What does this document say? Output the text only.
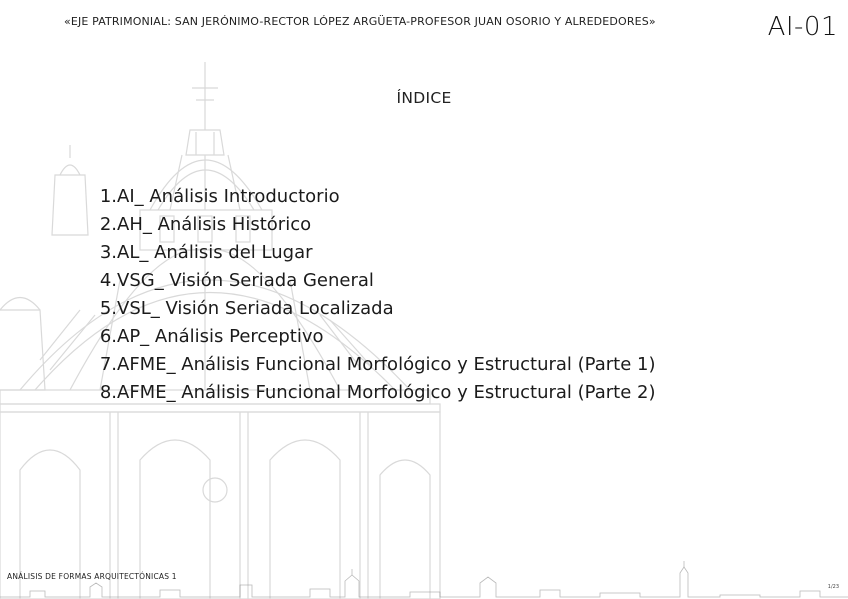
«EJE PATRIMONIAL: SAN JERÓNIMO-RECTOR LÓPEZ ARGÜETA-PROFESOR JUAN OSORIO Y ALREDEDORES»	AI-01
ÍNDICE
1. AI_ Análisis Introductorio
2. AH_ Análisis Histórico
3. AL_ Análisis del Lugar
4. VSG_ Visión Seriada General
5. VSL_ Visión Seriada Localizada
6. AP_ Análisis Perceptivo
7. AFME_ Análisis Funcional Morfológico y Estructural (Parte 1)
8. AFME_ Análisis Funcional Morfológico y Estructural (Parte 2)
ANÁLISIS DE FORMAS ARQUITECTÓNICAS 1
1/23
